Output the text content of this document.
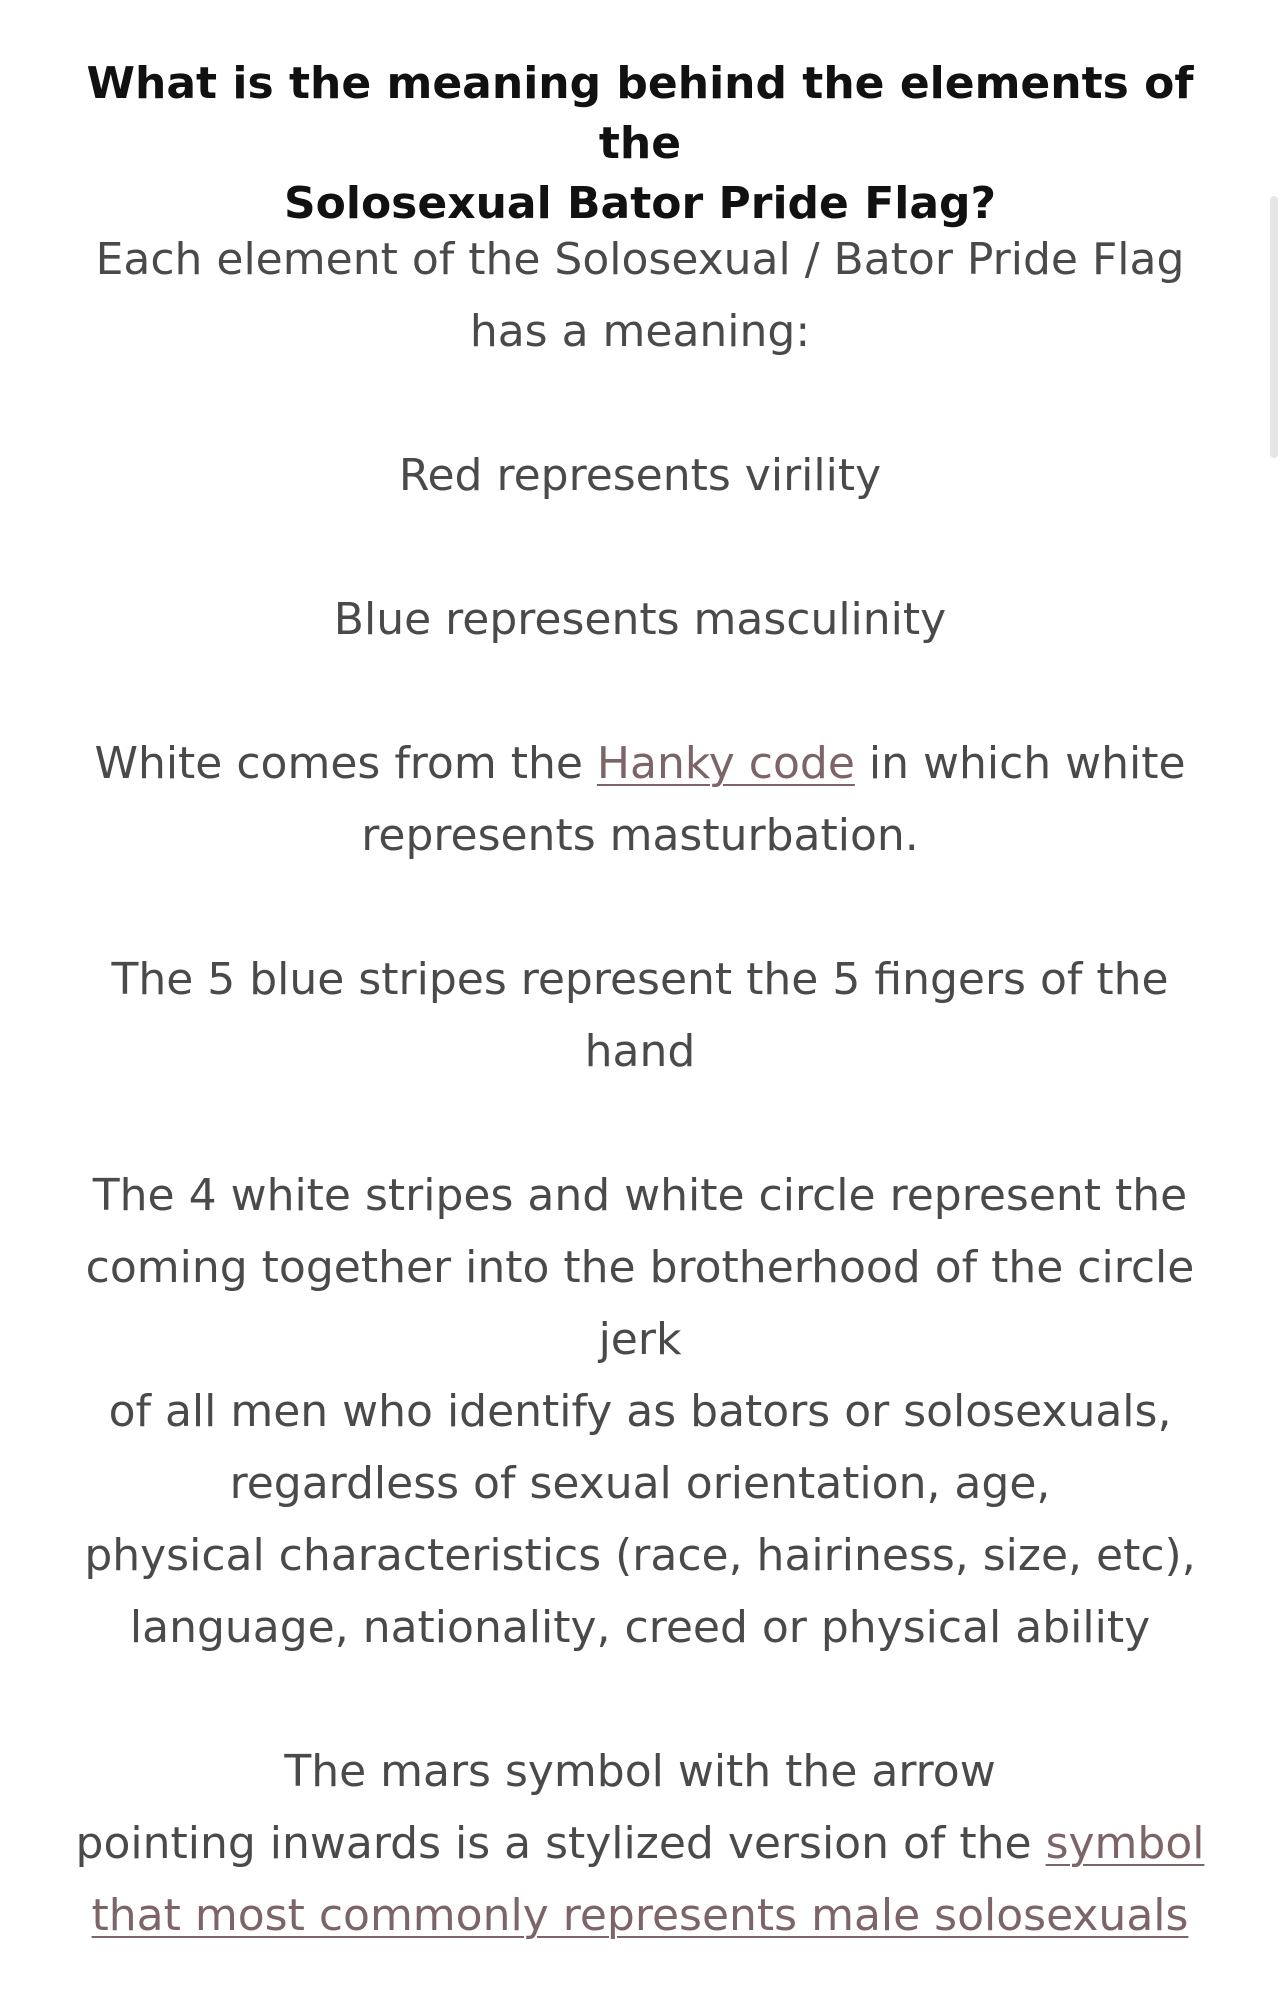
What is the meaning behind the elements of the
Solosexual Bator Pride Flag?

Each element of the Solosexual / Bator Pride Flag
has a meaning:

Red represents virility

Blue represents masculinity

White comes from the Hanky code in which white
represents masturbation.

The 5 blue stripes represent the 5 fingers of the
hand

The 4 white stripes and white circle represent the
coming together into the brotherhood of the circle
jerk
of all men who identify as bators or solosexuals,
regardless of sexual orientation, age,
physical characteristics (race, hairiness, size, etc),
language, nationality, creed or physical ability

The mars symbol with the arrow
pointing inwards is a stylized version of the symbol
that most commonly represents male solosexuals
